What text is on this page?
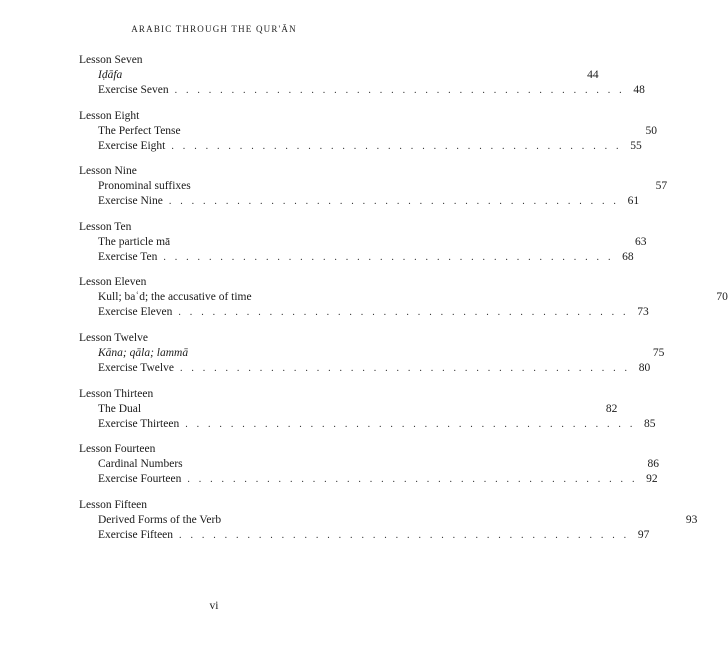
ARABIC THROUGH THE QUR'ĀN
Lesson Seven
Iḍāfa	44
Exercise Seven . . . . . . . . . . . . . . . . . . . . . . . . . . . . . . . . . . . . . . . . 48
Lesson Eight
The Perfect Tense	50
Exercise Eight . . . . . . . . . . . . . . . . . . . . . . . . . . . . . . . . . . . . . . . . 55
Lesson Nine
Pronominal suffixes	57
Exercise Nine . . . . . . . . . . . . . . . . . . . . . . . . . . . . . . . . . . . . . . . . 61
Lesson Ten
The particle mā	63
Exercise Ten . . . . . . . . . . . . . . . . . . . . . . . . . . . . . . . . . . . . . . . . 68
Lesson Eleven
Kull; baʿd; the accusative of time	70
Exercise Eleven . . . . . . . . . . . . . . . . . . . . . . . . . . . . . . . . . . . . . . . . 73
Lesson Twelve
Kāna; qāla; lammā	75
Exercise Twelve . . . . . . . . . . . . . . . . . . . . . . . . . . . . . . . . . . . . . . . . 80
Lesson Thirteen
The Dual	82
Exercise Thirteen . . . . . . . . . . . . . . . . . . . . . . . . . . . . . . . . . . . . . . . . 85
Lesson Fourteen
Cardinal Numbers	86
Exercise Fourteen . . . . . . . . . . . . . . . . . . . . . . . . . . . . . . . . . . . . . . . . 92
Lesson Fifteen
Derived Forms of the Verb	93
Exercise Fifteen . . . . . . . . . . . . . . . . . . . . . . . . . . . . . . . . . . . . . . . . 97
vi
